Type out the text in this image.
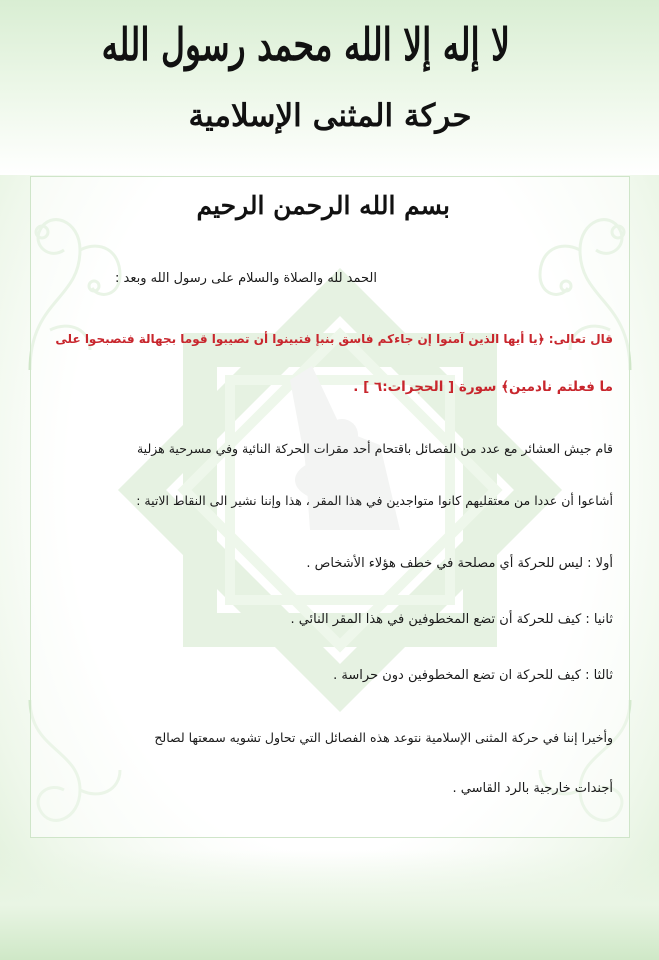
لا إله إلا الله محمد رسول الله
حركة المثنى الإسلامية
بسم الله الرحمن الرحيم
الحمد لله والصلاة والسلام على رسول الله وبعد :
قال تعالى: ﴿يا أيها الذين آمنوا إن جاءكم فاسق بنبإ فتبينوا أن تصيبوا قوما بجهالة فتصبحوا على
ما فعلتم نادمين﴾ سورة [ الحجرات:٦ ] .
قام جيش العشائر مع عدد من الفصائل باقتحام أحد مقرات الحركة النائية وفي مسرحية هزلية
أشاعوا أن عددا من معتقليهم كانوا متواجدين في هذا المقر ، هذا وإننا نشير الى النقاط الاتية :
أولا : ليس للحركة أي مصلحة في خطف هؤلاء الأشخاص .
ثانيا : كيف للحركة أن تضع المخطوفين في هذا المقر النائي .
ثالثا : كيف للحركة ان تضع المخطوفين دون حراسة .
وأخيرا إننا في حركة المثنى الإسلامية نتوعد هذه الفصائل التي تحاول تشويه سمعتها لصالح
أجندات خارجية بالرد القاسي .
